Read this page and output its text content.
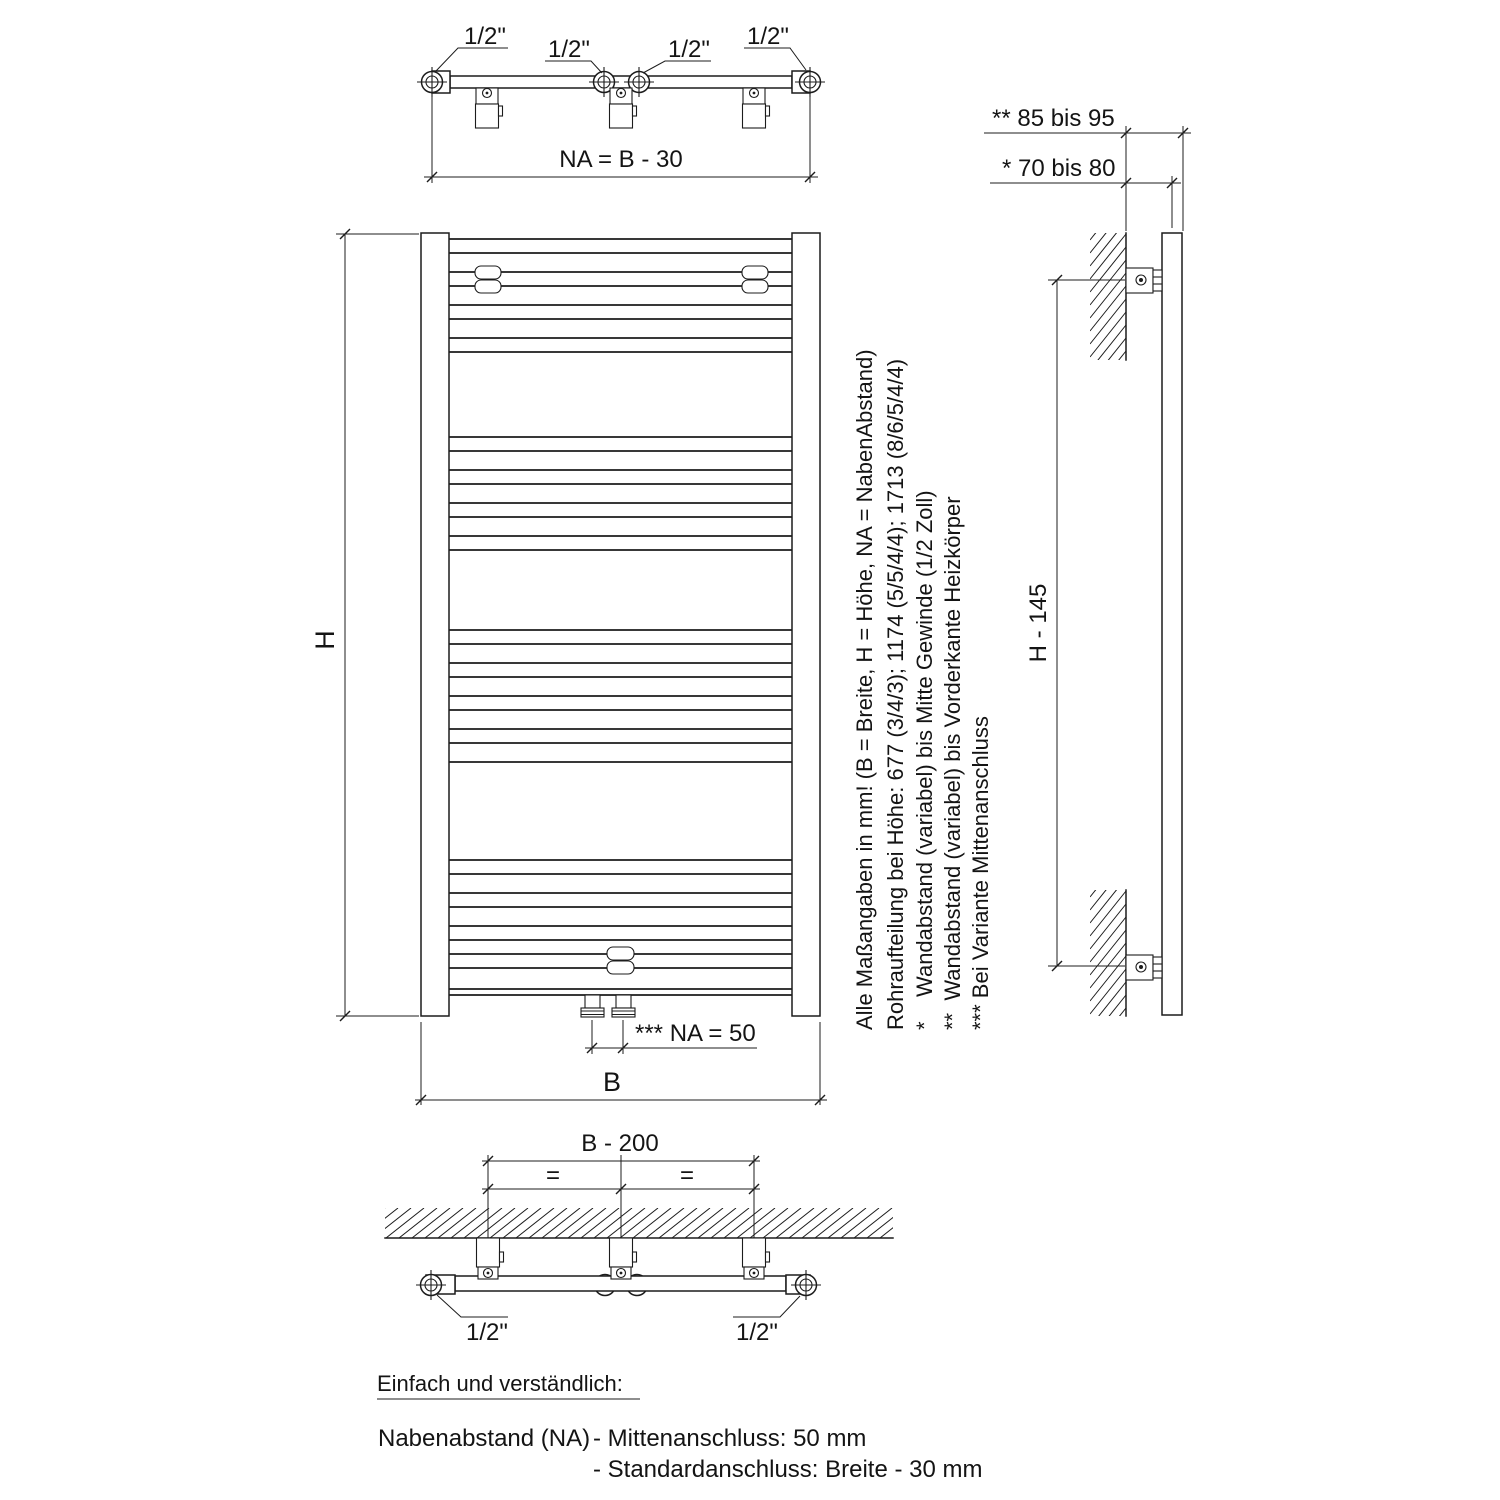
NA = B - 30
1/2" 1/2"	1/2" 1/2"
H
B
*** NA = 50
** 85 bis 95
* 70 bis 80
H - 145
B - 200
=	=
1/2"	1/2"
Alle Maßangaben in mm! (B = Breite, H = Höhe, NA = NabenAbstand) Rohraufteilung bei Höhe: 677 (3/4/3); 1174 (5/5/4/4); 1713 (8/6/5/4/4) *    Wandabstand (variabel) bis Mitte Gewinde (1/2 Zoll) **  Wandabstand (variabel) bis Vorderkante Heizkörper *** Bei Variante Mittenanschluss
Einfach und verständlich:
Nabenabstand (NA) - Mittenanschluss: 50 mm
- Standardanschluss: Breite - 30 mm
